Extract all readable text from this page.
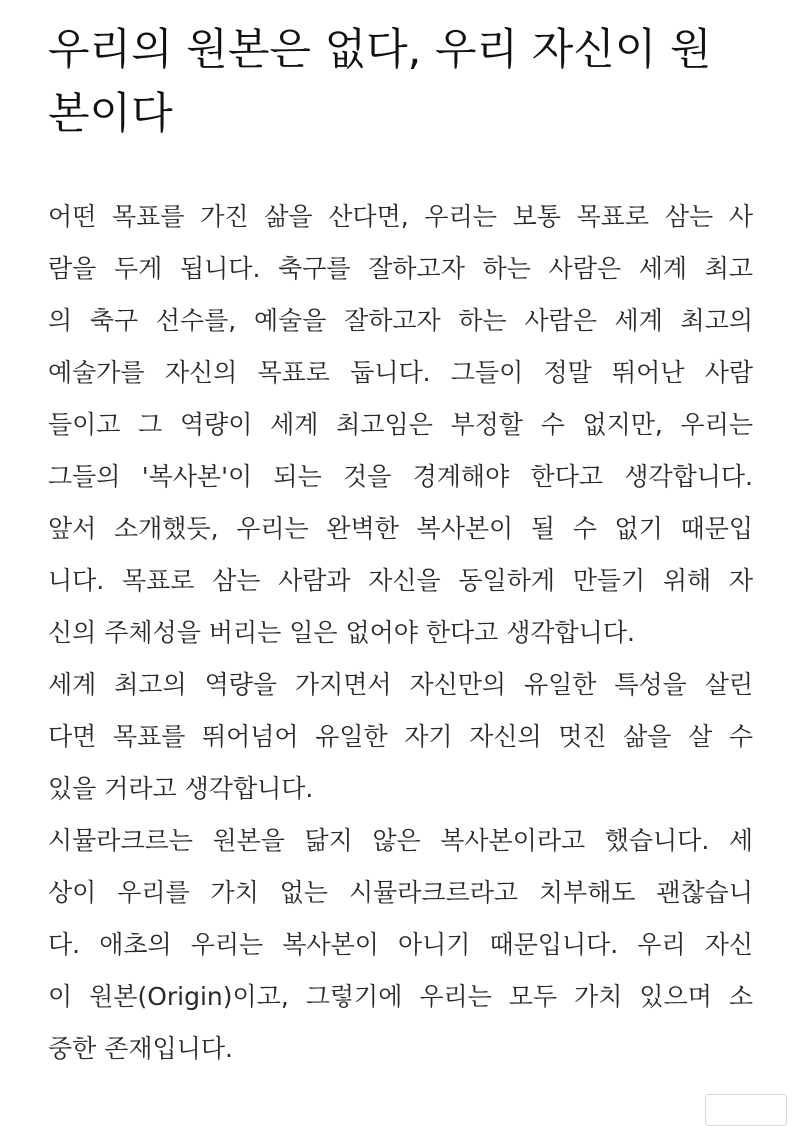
우리의 원본은 없다, 우리 자신이 원
본이다
어떤 목표를 가진 삶을 산다면, 우리는 보통 목표로 삼는 사
람을 두게 됩니다. 축구를 잘하고자 하는 사람은 세계 최고
의 축구 선수를, 예술을 잘하고자 하는 사람은 세계 최고의
예술가를 자신의 목표로 둡니다. 그들이 정말 뛰어난 사람
들이고 그 역량이 세계 최고임은 부정할 수 없지만, 우리는
그들의 '복사본'이 되는 것을 경계해야 한다고 생각합니다.
앞서 소개했듯, 우리는 완벽한 복사본이 될 수 없기 때문입
니다. 목표로 삼는 사람과 자신을 동일하게 만들기 위해 자
신의 주체성을 버리는 일은 없어야 한다고 생각합니다.
세계 최고의 역량을 가지면서 자신만의 유일한 특성을 살린
다면 목표를 뛰어넘어 유일한 자기 자신의 멋진 삶을 살 수
있을 거라고 생각합니다.
시뮬라크르는 원본을 닮지 않은 복사본이라고 했습니다. 세
상이 우리를 가치 없는 시뮬라크르라고 치부해도 괜찮습니
다. 애초의 우리는 복사본이 아니기 때문입니다. 우리 자신
이 원본(Origin)이고, 그렇기에 우리는 모두 가치 있으며 소
중한 존재입니다.
